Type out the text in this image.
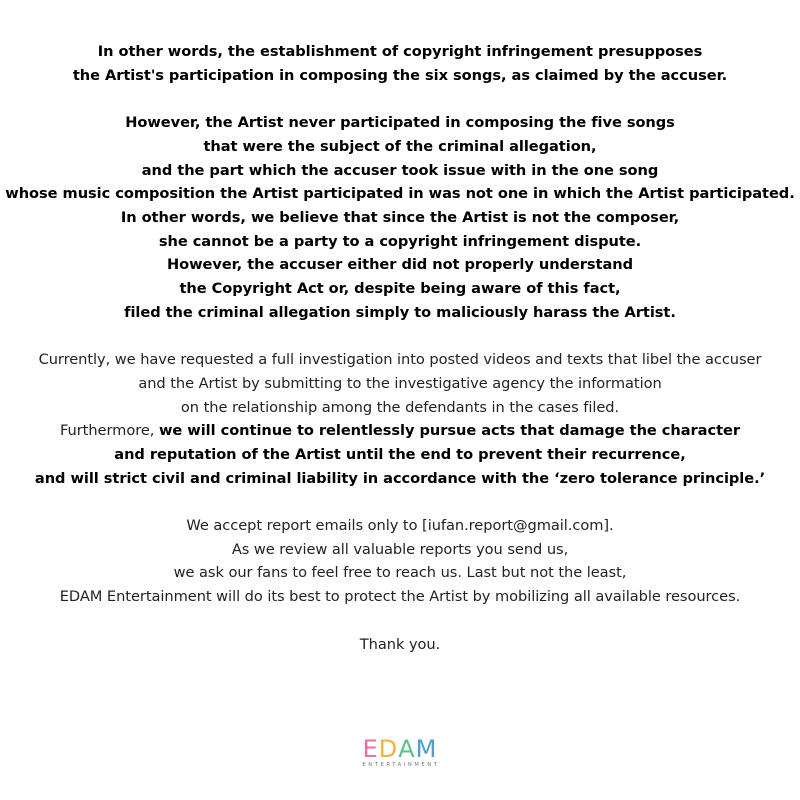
In other words, the establishment of copyright infringement presupposes
the Artist's participation in composing the six songs, as claimed by the accuser.

However, the Artist never participated in composing the five songs
that were the subject of the criminal allegation,
and the part which the accuser took issue with in the one song
whose music composition the Artist participated in was not one in which the Artist participated.
In other words, we believe that since the Artist is not the composer,
she cannot be a party to a copyright infringement dispute.
However, the accuser either did not properly understand
the Copyright Act or, despite being aware of this fact,
filed the criminal allegation simply to maliciously harass the Artist.

Currently, we have requested a full investigation into posted videos and texts that libel the accuser
and the Artist by submitting to the investigative agency the information
on the relationship among the defendants in the cases filed.
Furthermore, we will continue to relentlessly pursue acts that damage the character
and reputation of the Artist until the end to prevent their recurrence,
and will strict civil and criminal liability in accordance with the ‘zero tolerance principle.’

We accept report emails only to [iufan.report@gmail.com].
As we review all valuable reports you send us,
we ask our fans to feel free to reach us. Last but not the least,
EDAM Entertainment will do its best to protect the Artist by mobilizing all available resources.

Thank you.

EDAM
ENTERTAINMENT
